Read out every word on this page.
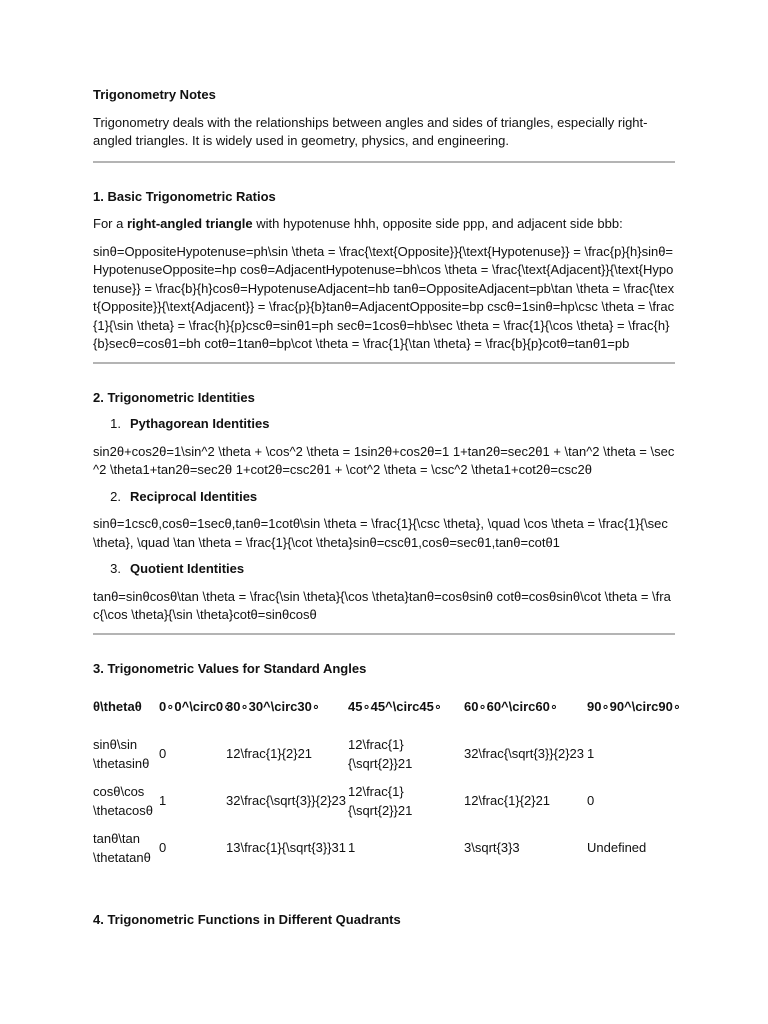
Trigonometry Notes

Trigonometry deals with the relationships between angles and sides of triangles, especially right-angled triangles. It is widely used in geometry, physics, and engineering.

1. Basic Trigonometric Ratios

For a right-angled triangle with hypotenuse hhh, opposite side ppp, and adjacent side bbb:

sinθ=OppositeHypotenuse=ph\sin \theta = \frac{\text{Opposite}}{\text{Hypotenuse}} = \frac{p}{h}sinθ=HypotenuseOpposite=hp cosθ=AdjacentHypotenuse=bh\cos \theta = \frac{\text{Adjacent}}{\text{Hypotenuse}} = \frac{b}{h}cosθ=HypotenuseAdjacent=hb tanθ=OppositeAdjacent=pb\tan \theta = \frac{\text{Opposite}}{\text{Adjacent}} = \frac{p}{b}tanθ=AdjacentOpposite=bp cscθ=1sinθ=hp\csc \theta = \frac{1}{\sin \theta} = \frac{h}{p}cscθ=sinθ1=ph secθ=1cosθ=hb\sec \theta = \frac{1}{\cos \theta} = \frac{h}{b}secθ=cosθ1=bh cotθ=1tanθ=bp\cot \theta = \frac{1}{\tan \theta} = \frac{b}{p}cotθ=tanθ1=pb

2. Trigonometric Identities

1. Pythagorean Identities

sin2θ+cos2θ=1\sin^2 \theta + \cos^2 \theta = 1sin2θ+cos2θ=1 1+tan2θ=sec2θ1 + \tan^2 \theta = \sec^2 \theta1+tan2θ=sec2θ 1+cot2θ=csc2θ1 + \cot^2 \theta = \csc^2 \theta1+cot2θ=csc2θ

2. Reciprocal Identities

sinθ=1cscθ,cosθ=1secθ,tanθ=1cotθ\sin \theta = \frac{1}{\csc \theta}, \quad \cos \theta = \frac{1}{\sec \theta}, \quad \tan \theta = \frac{1}{\cot \theta}sinθ=cscθ1,cosθ=secθ1,tanθ=cotθ1

3. Quotient Identities

tanθ=sinθcosθ\tan \theta = \frac{\sin \theta}{\cos \theta}tanθ=cosθsinθ cotθ=cosθsinθ\cot \theta = \frac{\cos \theta}{\sin \theta}cotθ=sinθcosθ

3. Trigonometric Values for Standard Angles

θ\thetaθ	0∘0^\circ0∘	30∘30^\circ30∘	45∘45^\circ45∘	60∘60^\circ60∘	90∘90^\circ90∘
sinθ\sin \thetasinθ	0	12\frac{1}{2}21	12\frac{1}{\sqrt{2}}21	32\frac{\sqrt{3}}{2}23	1
cosθ\cos \thetacosθ	1	32\frac{\sqrt{3}}{2}23	12\frac{1}{\sqrt{2}}21	12\frac{1}{2}21	0
tanθ\tan \thetatanθ	0	13\frac{1}{\sqrt{3}}31	1	3\sqrt{3}3	Undefined

4. Trigonometric Functions in Different Quadrants
